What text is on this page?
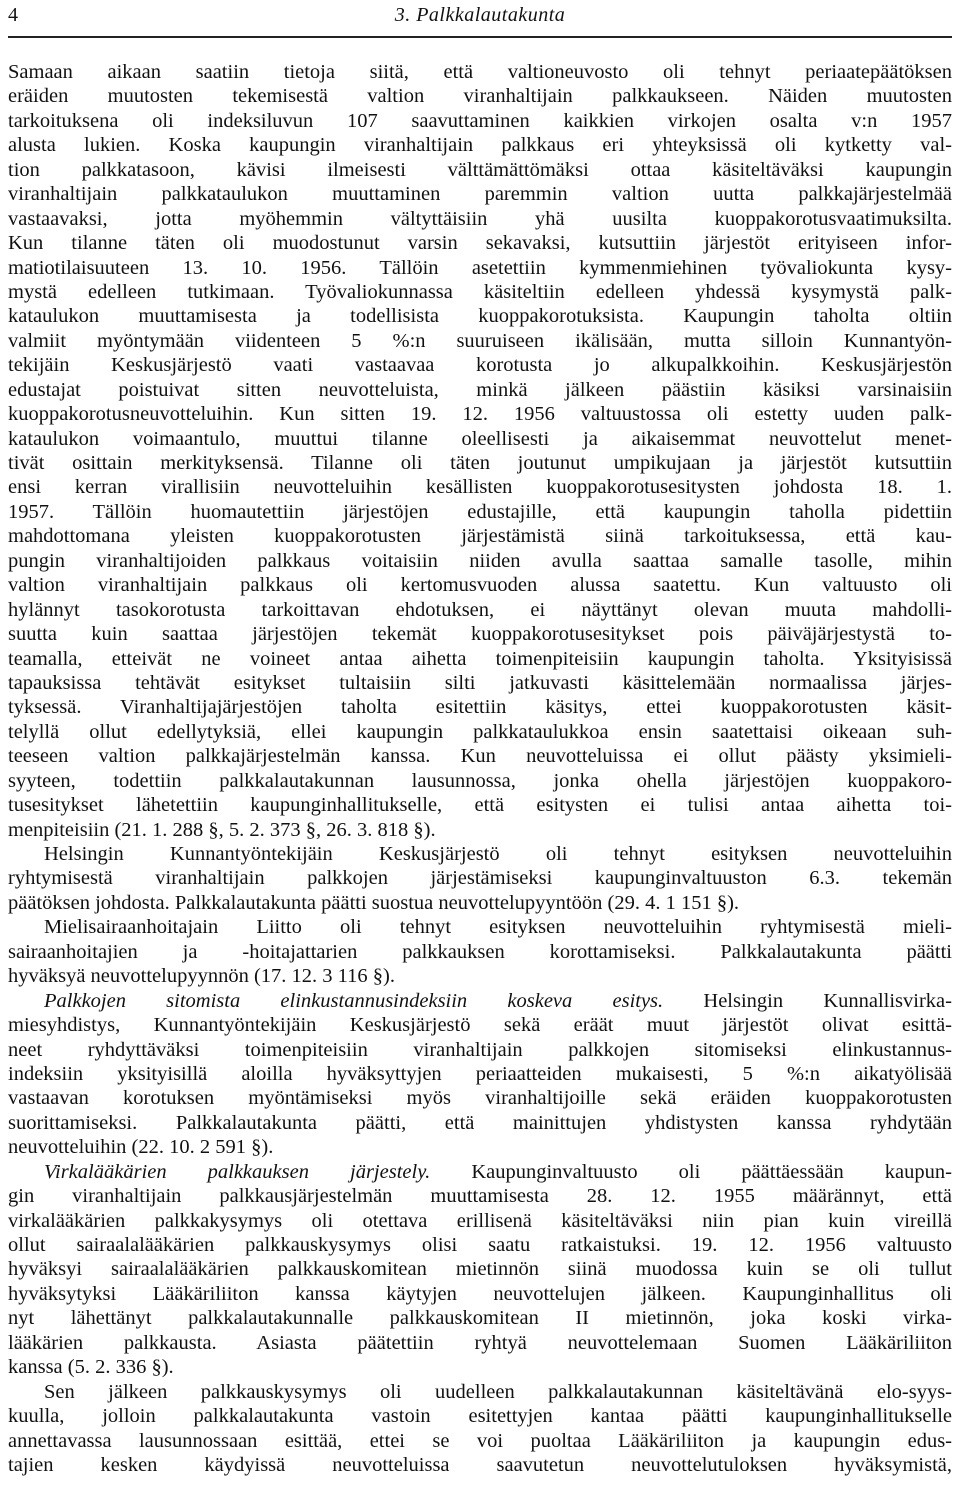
4	3. Palkkalautakunta
Samaan aikaan saatiin tietoja siitä, että valtioneuvosto oli tehnyt periaatepäätöksen
eräiden muutosten tekemisestä valtion viranhaltijain palkkaukseen. Näiden muutosten
tarkoituksena oli indeksiluvun 107 saavuttaminen kaikkien virkojen osalta v:n 1957
alusta lukien. Koska kaupungin viranhaltijain palkkaus eri yhteyksissä oli kytketty val-
tion palkkatasoon, kävisi ilmeisesti välttämättömäksi ottaa käsiteltäväksi kaupungin
viranhaltijain palkkataulukon muuttaminen paremmin valtion uutta palkkajärjestelmää
vastaavaksi, jotta myöhemmin vältyttäisiin yhä uusilta kuoppakorotusvaatimuksilta.
Kun tilanne täten oli muodostunut varsin sekavaksi, kutsuttiin järjestöt erityiseen infor-
matiotilaisuuteen 13. 10. 1956. Tällöin asetettiin kymmenmiehinen työvaliokunta kysy-
mystä edelleen tutkimaan. Työvaliokunnassa käsiteltiin edelleen yhdessä kysymystä palk-
kataulukon muuttamisesta ja todellisista kuoppakorotuksista. Kaupungin taholta oltiin
valmiit myöntymään viidenteen 5 %:n suuruiseen ikälisään, mutta silloin Kunnantyön-
tekijäin Keskusjärjestö vaati vastaavaa korotusta jo alkupalkkoihin. Keskusjärjestön
edustajat poistuivat sitten neuvotteluista, minkä jälkeen päästiin käsiksi varsinaisiin
kuoppakorotusneuvotteluihin. Kun sitten 19. 12. 1956 valtuustossa oli estetty uuden palk-
kataulukon voimaantulo, muuttui tilanne oleellisesti ja aikaisemmat neuvottelut menet-
tivät osittain merkityksensä. Tilanne oli täten joutunut umpikujaan ja järjestöt kutsuttiin
ensi kerran virallisiin neuvotteluihin kesällisten kuoppakorotusesitysten johdosta 18. 1.
1957. Tällöin huomautettiin järjestöjen edustajille, että kaupungin taholla pidettiin
mahdottomana yleisten kuoppakorotusten järjestämistä siinä tarkoituksessa, että kau-
pungin viranhaltijoiden palkkaus voitaisiin niiden avulla saattaa samalle tasolle, mihin
valtion viranhaltijain palkkaus oli kertomusvuoden alussa saatettu. Kun valtuusto oli
hylännyt tasokorotusta tarkoittavan ehdotuksen, ei näyttänyt olevan muuta mahdolli-
suutta kuin saattaa järjestöjen tekemät kuoppakorotusesitykset pois päiväjärjestystä to-
teamalla, etteivät ne voineet antaa aihetta toimenpiteisiin kaupungin taholta. Yksityisissä
tapauksissa tehtävät esitykset tultaisiin silti jatkuvasti käsittelemään normaalissa järjes-
tyksessä. Viranhaltijajärjestöjen taholta esitettiin käsitys, ettei kuoppakorotusten käsit-
telyllä ollut edellytyksiä, ellei kaupungin palkkataulukkoa ensin saatettaisi oikeaan suh-
teeseen valtion palkkajärjestelmän kanssa. Kun neuvotteluissa ei ollut päästy yksimieli-
syyteen, todettiin palkkalautakunnan lausunnossa, jonka ohella järjestöjen kuoppakoro-
tusesitykset lähetettiin kaupunginhallitukselle, että esitysten ei tulisi antaa aihetta toi-
menpiteisiin (21. 1. 288 §, 5. 2. 373 §, 26. 3. 818 §).
Helsingin Kunnantyöntekijäin Keskusjärjestö oli tehnyt esityksen neuvotteluihin
ryhtymisestä viranhaltijain palkkojen järjestämiseksi kaupunginvaltuuston 6.3. tekemän
päätöksen johdosta. Palkkalautakunta päätti suostua neuvottelupyyntöön (29. 4. 1 151 §).
Mielisairaanhoitajain Liitto oli tehnyt esityksen neuvotteluihin ryhtymisestä mieli-
sairaanhoitajien ja -hoitajattarien palkkauksen korottamiseksi. Palkkalautakunta päätti
hyväksyä neuvottelupyynnön (17. 12. 3 116 §).
Palkkojen sitomista elinkustannusindeksiin koskeva esitys. Helsingin Kunnallisvirka-
miesyhdistys, Kunnantyöntekijäin Keskusjärjestö sekä eräät muut järjestöt olivat esittä-
neet ryhdyttäväksi toimenpiteisiin viranhaltijain palkkojen sitomiseksi elinkustannus-
indeksiin yksityisillä aloilla hyväksyttyjen periaatteiden mukaisesti, 5 %:n aikatyölisää
vastaavan korotuksen myöntämiseksi myös viranhaltijoille sekä eräiden kuoppakorotusten
suorittamiseksi. Palkkalautakunta päätti, että mainittujen yhdistysten kanssa ryhdytään
neuvotteluihin (22. 10. 2 591 §).
Virkalääkärien palkkauksen järjestely. Kaupunginvaltuusto oli päättäessään kaupun-
gin viranhaltijain palkkausjärjestelmän muuttamisesta 28. 12. 1955 määrännyt, että
virkalääkärien palkkakysymys oli otettava erillisenä käsiteltäväksi niin pian kuin vireillä
ollut sairaalalääkärien palkkauskysymys olisi saatu ratkaistuksi. 19. 12. 1956 valtuusto
hyväksyi sairaalalääkärien palkkauskomitean mietinnön siinä muodossa kuin se oli tullut
hyväksytyksi Lääkäriliiton kanssa käytyjen neuvottelujen jälkeen. Kaupunginhallitus oli
nyt lähettänyt palkkalautakunnalle palkkauskomitean II mietinnön, joka koski virka-
lääkärien palkkausta. Asiasta päätettiin ryhtyä neuvottelemaan Suomen Lääkäriliiton
kanssa (5. 2. 336 §).
Sen jälkeen palkkauskysymys oli uudelleen palkkalautakunnan käsiteltävänä elo-syys-
kuulla, jolloin palkkalautakunta vastoin esitettyjen kantaa päätti kaupunginhallitukselle
annettavassa lausunnossaan esittää, ettei se voi puoltaa Lääkäriliiton ja kaupungin edus-
tajien kesken käydyissä neuvotteluissa saavutetun neuvottelutuloksen hyväksymistä,
